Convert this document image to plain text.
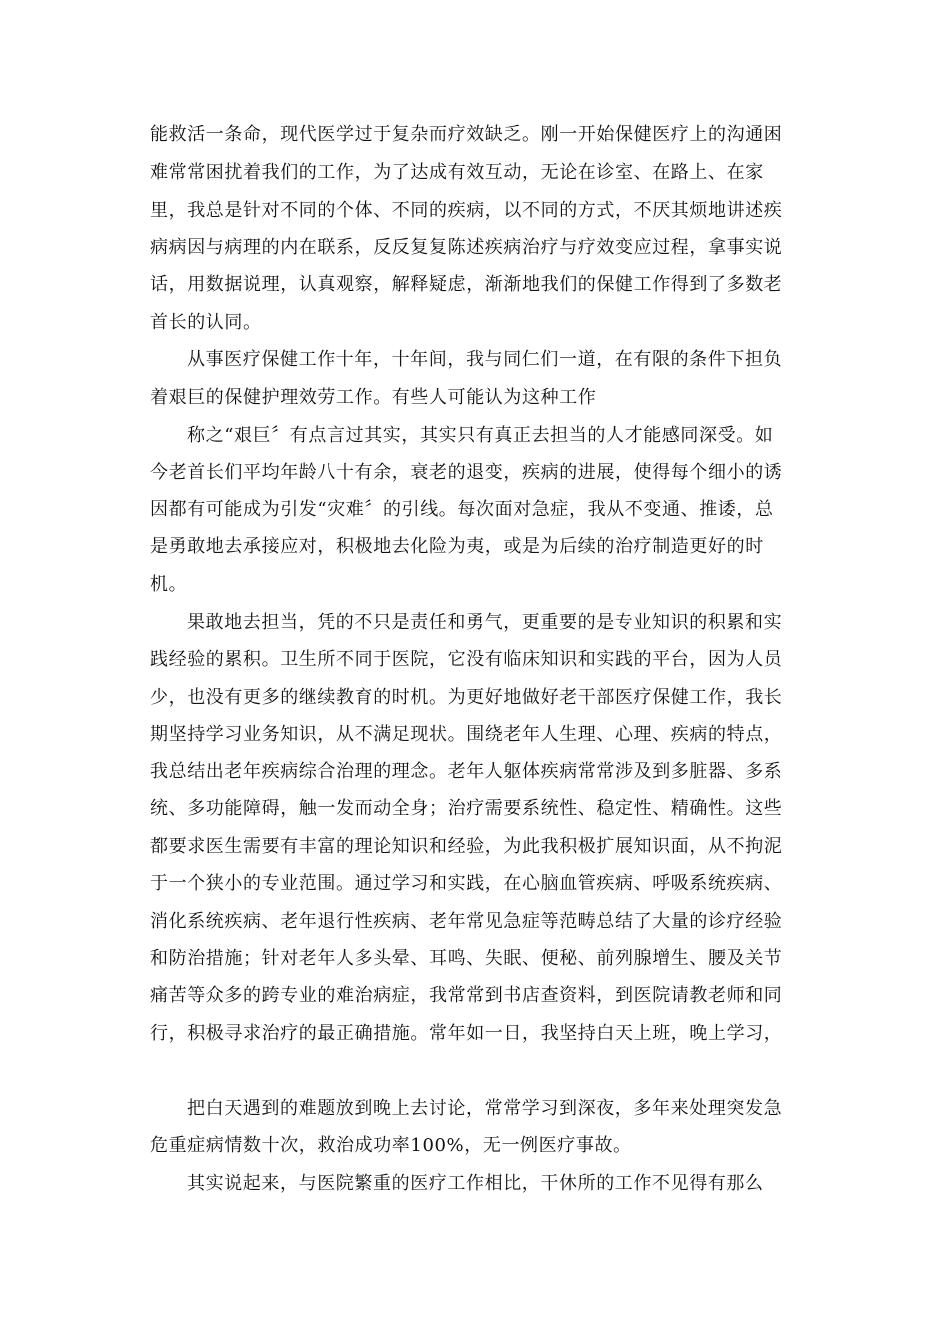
能救活一条命，现代医学过于复杂而疗效缺乏。刚一开始保健医疗上的沟通困
难常常困扰着我们的工作，为了达成有效互动，无论在诊室、在路上、在家
里，我总是针对不同的个体、不同的疾病，以不同的方式，不厌其烦地讲述疾
病病因与病理的内在联系，反反复复陈述疾病治疗与疗效变应过程，拿事实说
话，用数据说理，认真观察，解释疑虑，渐渐地我们的保健工作得到了多数老
首长的认同。
从事医疗保健工作十年，十年间，我与同仁们一道，在有限的条件下担负
着艰巨的保健护理效劳工作。有些人可能认为这种工作
称之“艰巨〞有点言过其实，其实只有真正去担当的人才能感同深受。如
今老首长们平均年龄八十有余，衰老的退变，疾病的进展，使得每个细小的诱
因都有可能成为引发“灾难〞的引线。每次面对急症，我从不变通、推诿，总
是勇敢地去承接应对，积极地去化险为夷，或是为后续的治疗制造更好的时
机。
果敢地去担当，凭的不只是责任和勇气，更重要的是专业知识的积累和实
践经验的累积。卫生所不同于医院，它没有临床知识和实践的平台，因为人员
少，也没有更多的继续教育的时机。为更好地做好老干部医疗保健工作，我长
期坚持学习业务知识，从不满足现状。围绕老年人生理、心理、疾病的特点，
我总结出老年疾病综合治理的理念。老年人躯体疾病常常涉及到多脏器、多系
统、多功能障碍，触一发而动全身；治疗需要系统性、稳定性、精确性。这些
都要求医生需要有丰富的理论知识和经验，为此我积极扩展知识面，从不拘泥
于一个狭小的专业范围。通过学习和实践，在心脑血管疾病、呼吸系统疾病、
消化系统疾病、老年退行性疾病、老年常见急症等范畴总结了大量的诊疗经验
和防治措施；针对老年人多头晕、耳鸣、失眠、便秘、前列腺增生、腰及关节
痛苦等众多的跨专业的难治病症，我常常到书店查资料，到医院请教老师和同
行，积极寻求治疗的最正确措施。常年如一日，我坚持白天上班，晚上学习，
把白天遇到的难题放到晚上去讨论，常常学习到深夜，多年来处理突发急
危重症病情数十次，救治成功率100%，无一例医疗事故。
其实说起来，与医院繁重的医疗工作相比，干休所的工作不见得有那么
